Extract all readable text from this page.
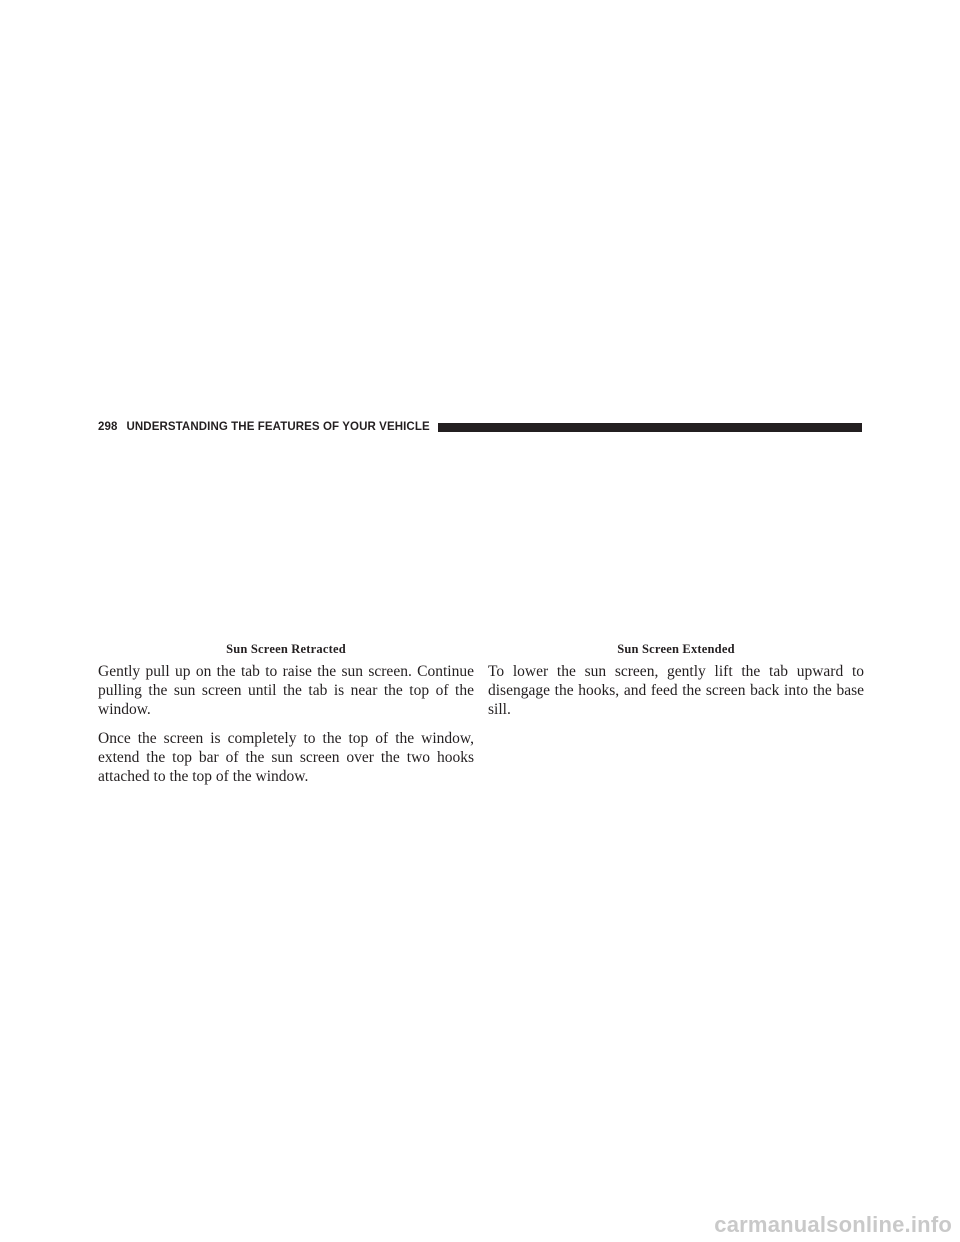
298 UNDERSTANDING THE FEATURES OF YOUR VEHICLE
Sun Screen Retracted

Gently pull up on the tab to raise the sun screen. Continue pulling the sun screen until the tab is near the top of the window.

Once the screen is completely to the top of the window, extend the top bar of the sun screen over the two hooks attached to the top of the window.

Sun Screen Extended

To lower the sun screen, gently lift the tab upward to disengage the hooks, and feed the screen back into the base sill.

carmanualsonline.info
